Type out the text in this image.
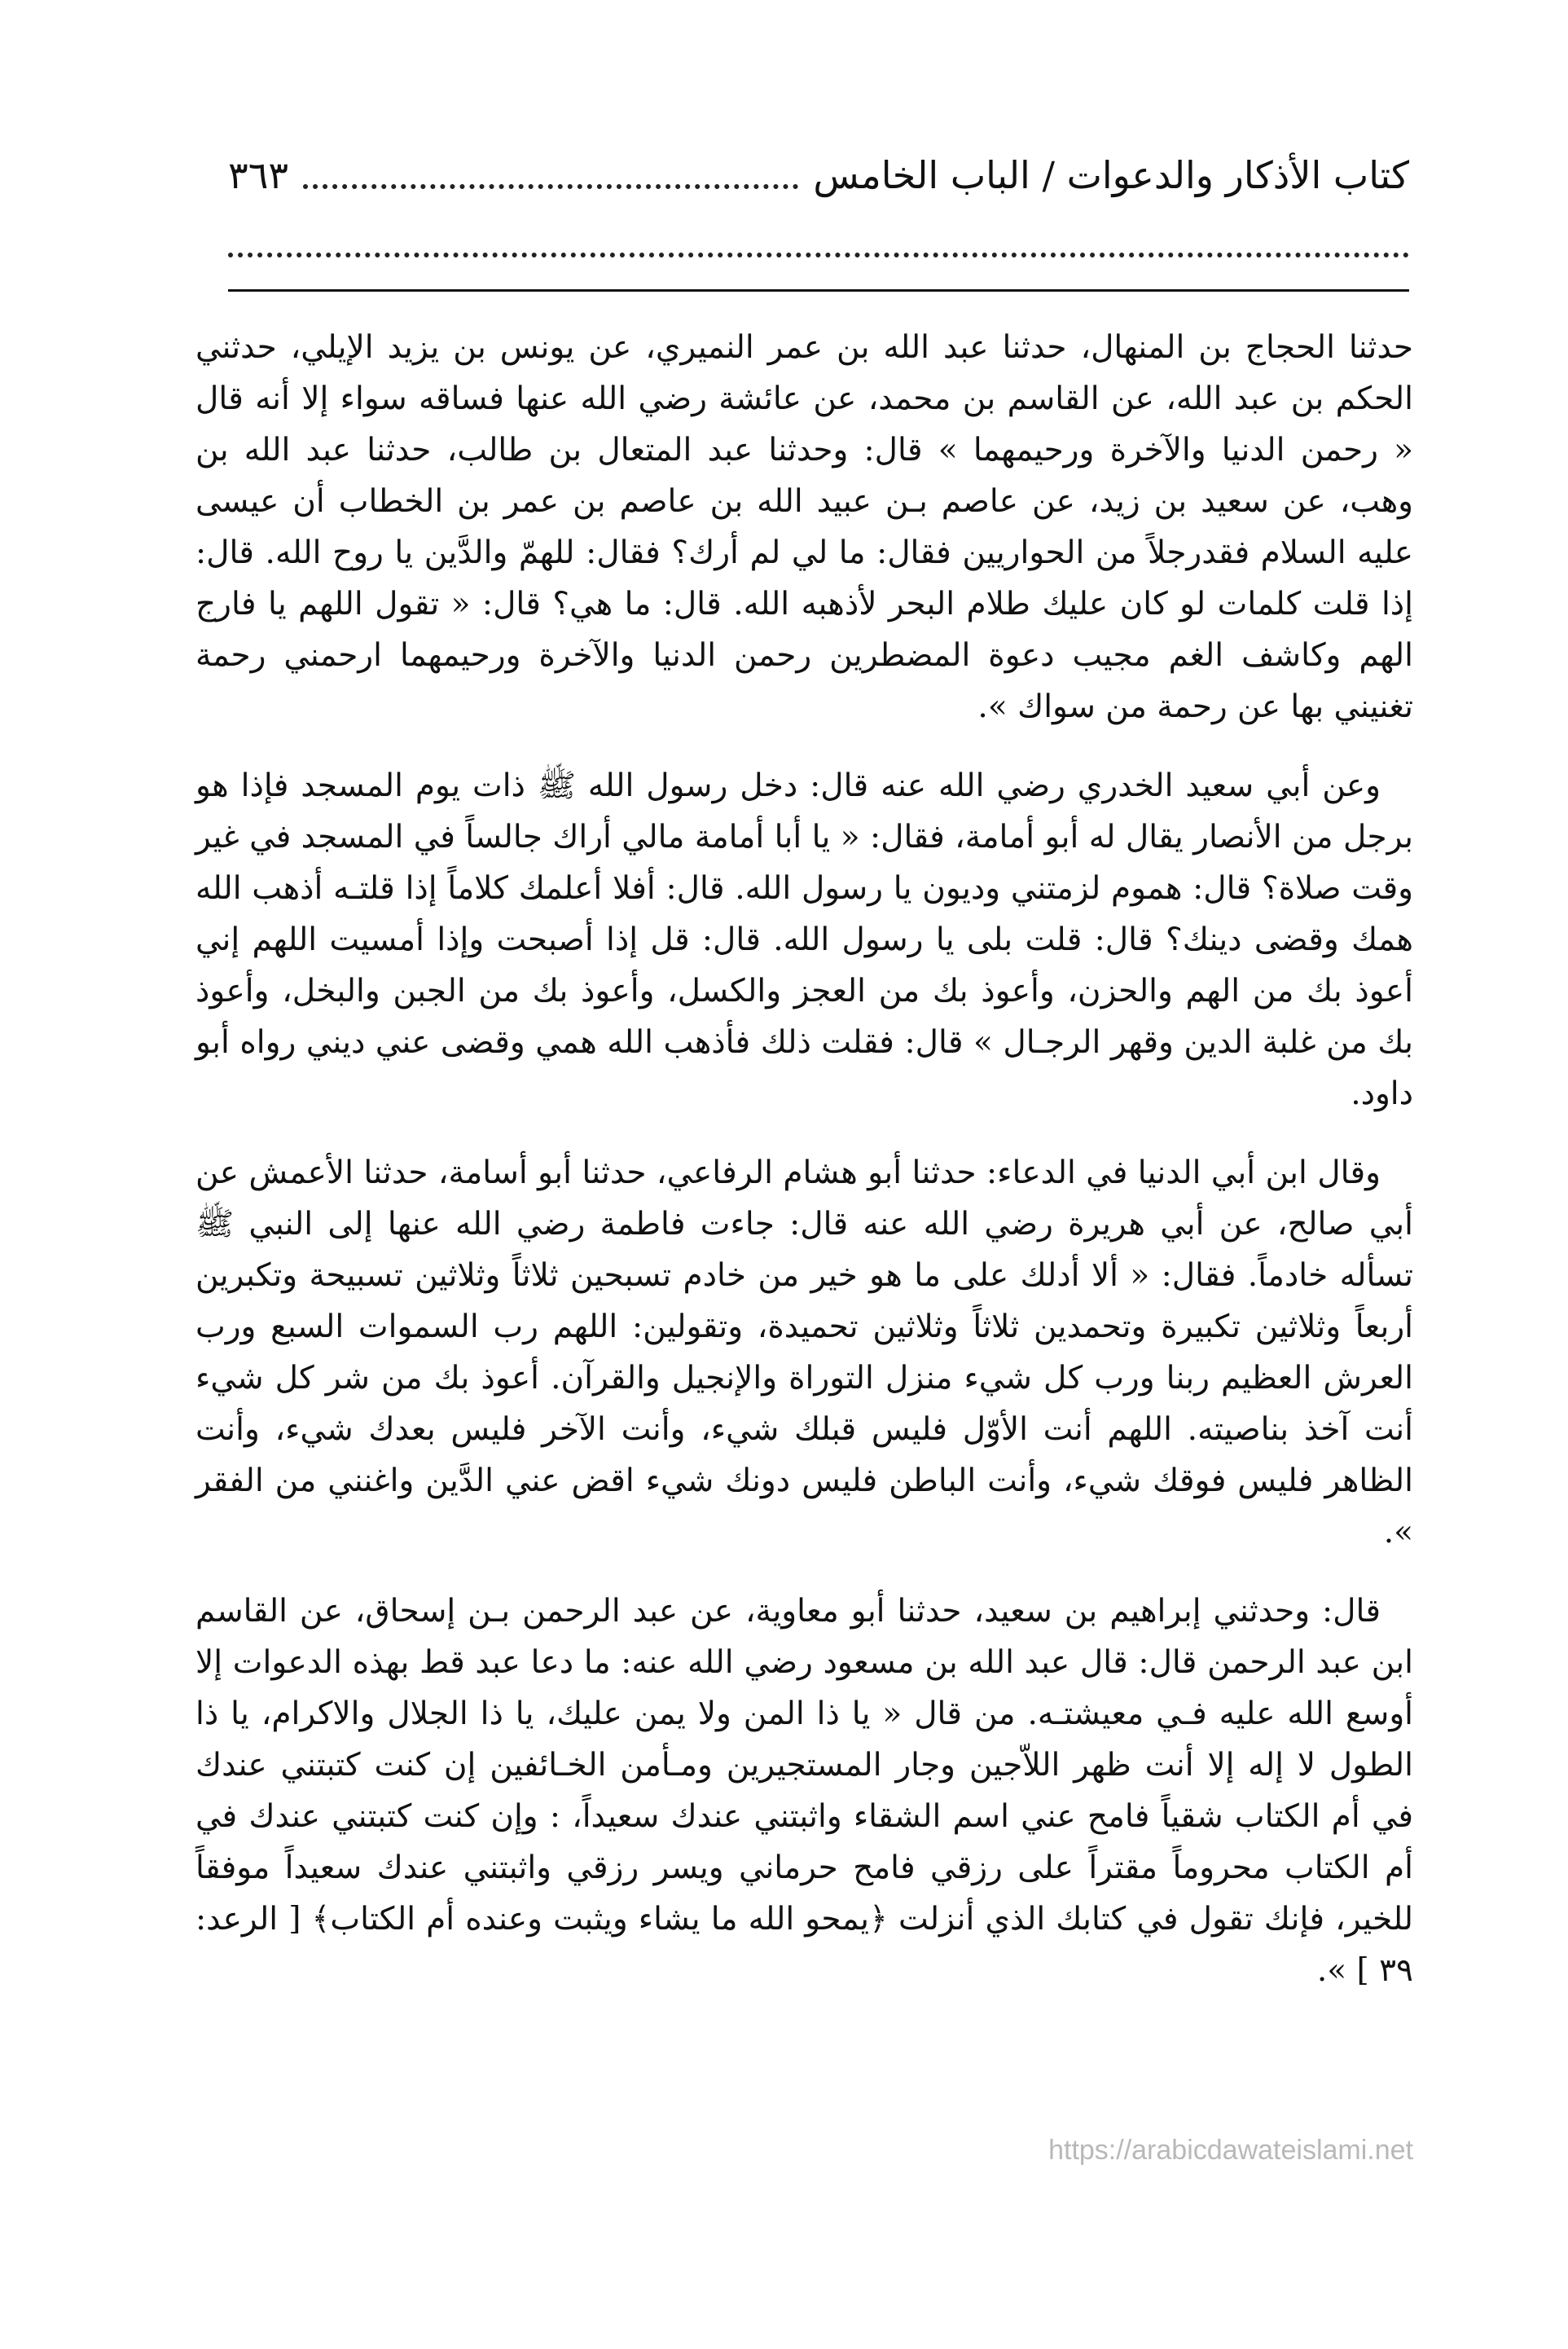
كتاب الأذكار والدعوات / الباب الخامس
٣٦٣

حدثنا الحجاج بن المنهال، حدثنا عبد الله بن عمر النميري، عن يونس بن يزيد الإيلي، حدثني الحكم بن عبد الله، عن القاسم بن محمد، عن عائشة رضي الله عنها فساقه سواء إلا أنه قال « رحمن الدنيا والآخرة ورحيمهما » قال: وحدثنا عبد المتعال بن طالب، حدثنا عبد الله بن وهب، عن سعيد بن زيد، عن عاصم بـن عبيد الله بن عاصم بن عمر بن الخطاب أن عيسى عليه السلام فقدرجلاً من الحواريين فقال: ما لي لم أرك؟ فقال: للهمّ والدَّين يا روح الله. قال: إذا قلت كلمات لو كان عليك طلام البحر لأذهبه الله. قال: ما هي؟ قال: « تقول اللهم يا فارج الهم وكاشف الغم مجيب دعوة المضطرين رحمن الدنيا والآخرة ورحيمهما ارحمني رحمة تغنيني بها عن رحمة من سواك ».

وعن أبي سعيد الخدري رضي الله عنه قال: دخل رسول الله ﷺ ذات يوم المسجد فإذا هو برجل من الأنصار يقال له أبو أمامة، فقال: « يا أبا أمامة مالي أراك جالساً في المسجد في غير وقت صلاة؟ قال: هموم لزمتني وديون يا رسول الله. قال: أفلا أعلمك كلاماً إذا قلتـه أذهب الله همك وقضى دينك؟ قال: قلت بلى يا رسول الله. قال: قل إذا أصبحت وإذا أمسيت اللهم إني أعوذ بك من الهم والحزن، وأعوذ بك من العجز والكسل، وأعوذ بك من الجبن والبخل، وأعوذ بك من غلبة الدين وقهر الرجـال » قال: فقلت ذلك فأذهب الله همي وقضى عني ديني رواه أبو داود.

وقال ابن أبي الدنيا في الدعاء: حدثنا أبو هشام الرفاعي، حدثنا أبو أسامة، حدثنا الأعمش عن أبي صالح، عن أبي هريرة رضي الله عنه قال: جاءت فاطمة رضي الله عنها إلى النبي ﷺ تسأله خادماً. فقال: « ألا أدلك على ما هو خير من خادم تسبحين ثلاثاً وثلاثين تسبيحة وتكبرين أربعاً وثلاثين تكبيرة وتحمدين ثلاثاً وثلاثين تحميدة، وتقولين: اللهم رب السموات السبع ورب العرش العظيم ربنا ورب كل شيء منزل التوراة والإنجيل والقرآن. أعوذ بك من شر كل شيء أنت آخذ بناصيته. اللهم أنت الأوّل فليس قبلك شيء، وأنت الآخر فليس بعدك شيء، وأنت الظاهر فليس فوقك شيء، وأنت الباطن فليس دونك شيء اقض عني الدَّين واغنني من الفقر ».

قال: وحدثني إبراهيم بن سعيد، حدثنا أبو معاوية، عن عبد الرحمن بـن إسحاق، عن القاسم ابن عبد الرحمن قال: قال عبد الله بن مسعود رضي الله عنه: ما دعا عبد قط بهذه الدعوات إلا أوسع الله عليه فـي معيشتـه. من قال « يا ذا المن ولا يمن عليك، يا ذا الجلال والاكرام، يا ذا الطول لا إله إلا أنت ظهر اللاّجين وجار المستجيرين ومـأمن الخـائفين إن كنت كتبتني عندك في أم الكتاب شقياً فامح عني اسم الشقاء واثبتني عندك سعيداً، : وإن كنت كتبتني عندك في أم الكتاب محروماً مقتراً على رزقي فامح حرماني ويسر رزقي واثبتني عندك سعيداً موفقاً للخير، فإنك تقول في كتابك الذي أنزلت ﴿يمحو الله ما يشاء ويثبت وعنده أم الكتاب﴾ [ الرعد: ٣٩ ] ».

https://arabicdawateislami.net
